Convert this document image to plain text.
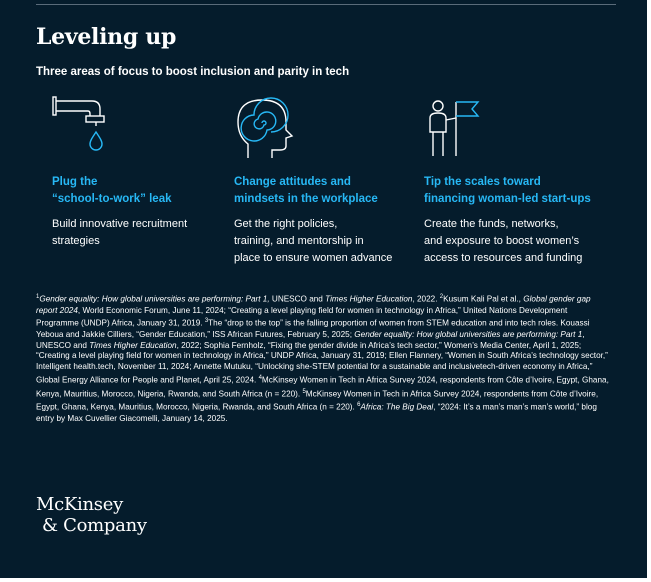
Leveling up

Three areas of focus to boost inclusion and parity in tech

Plug the
“school-to-work” leak

Build innovative recruitment
strategies

Change attitudes and
mindsets in the workplace

Get the right policies,
training, and mentorship in
place to ensure women advance

Tip the scales toward
financing woman-led start-ups

Create the funds, networks,
and exposure to boost women’s
access to resources and funding

$^1$Gender equality: How global universities are performing: Part 1, UNESCO and Times Higher Education, 2022. $^2$Kusum Kali Pal et al., Global gender gap report 2024, World Economic Forum, June 11, 2024; “Creating a level playing field for women in technology in Africa,” United Nations Development Programme (UNDP) Africa, January 31, 2019. $^3$The “drop to the top” is the falling proportion of women from STEM education and into tech roles. Kouassi Yeboua and Jakkie Cilliers, “Gender Education,” ISS African Futures, February 5, 2025; Gender equality: How global universities are performing: Part 1, UNESCO and Times Higher Education, 2022; Sophia Fernholz, “Fixing the gender divide in Africa’s tech sector,” Women’s Media Center, April 1, 2025; “Creating a level playing field for women in technology in Africa,” UNDP Africa, January 31, 2019; Ellen Flannery, “Women in South Africa’s technology sector,” Intelligent health.tech, November 11, 2024; Annette Mutuku, “Unlocking she-STEM potential for a sustainable and inclusivetech-driven economy in Africa,” Global Energy Alliance for People and Planet, April 25, 2024. $^4$McKinsey Women in Tech in Africa Survey 2024, respondents from Côte d’Ivoire, Egypt, Ghana, Kenya, Mauritius, Morocco, Nigeria, Rwanda, and South Africa (n = 220). $^5$McKinsey Women in Tech in Africa Survey 2024, respondents from Côte d’Ivoire, Egypt, Ghana, Kenya, Mauritius, Morocco, Nigeria, Rwanda, and South Africa (n = 220). $^6$Africa: The Big Deal, “2024: It’s a man’s man’s man’s world,” blog entry by Max Cuvellier Giacomelli, January 14, 2025.

McKinsey
& Company
